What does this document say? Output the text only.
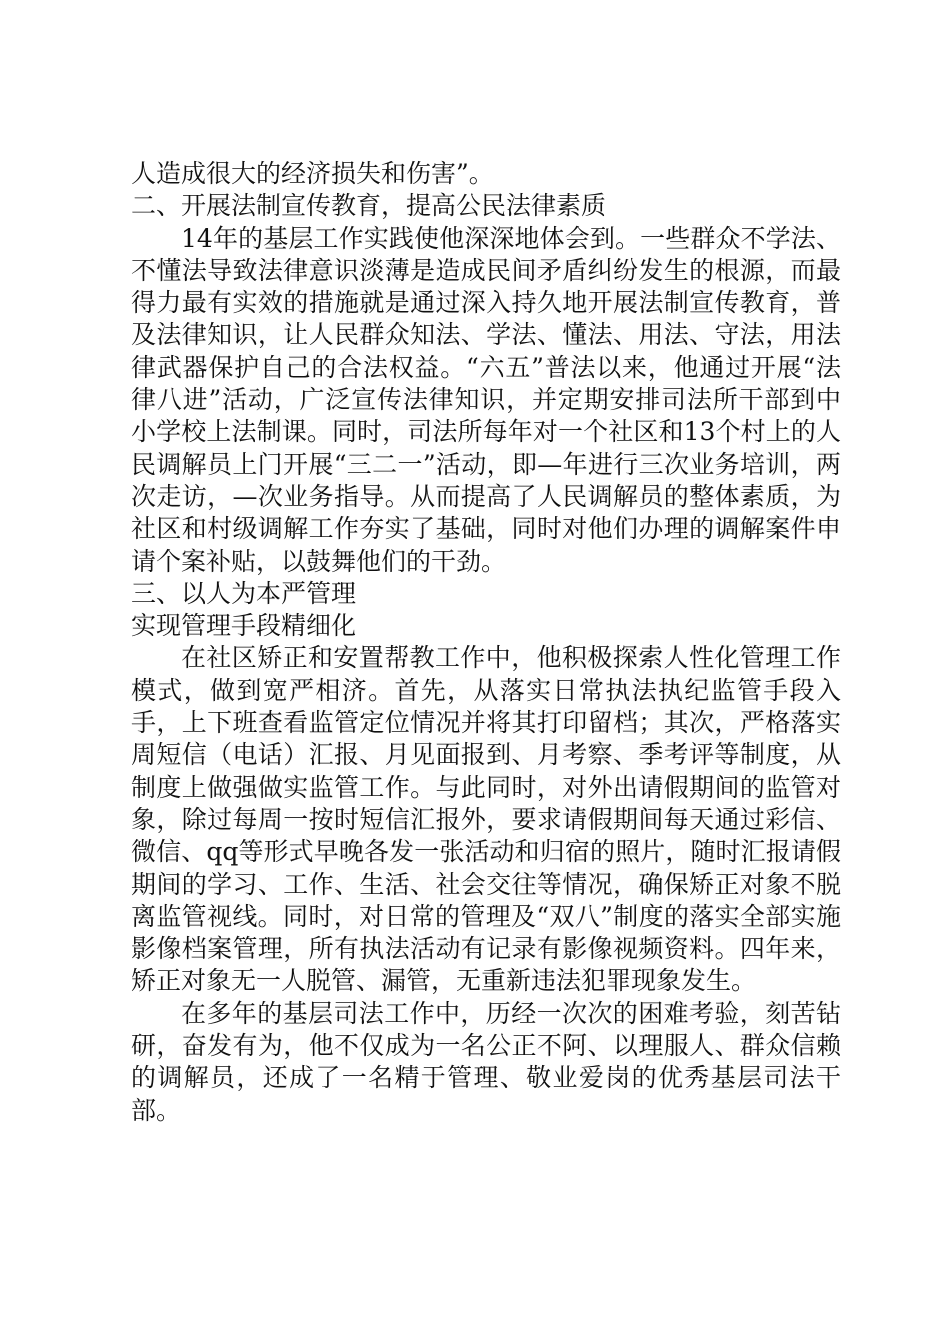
人造成很大的经济损失和伤害”。

二、开展法制宣传教育，提高公民法律素质

14年的基层工作实践使他深深地体会到。一些群众不学法、不懂法导致法律意识淡薄是造成民间矛盾纠纷发生的根源，而最得力最有实效的措施就是通过深入持久地开展法制宣传教育，普及法律知识，让人民群众知法、学法、懂法、用法、守法，用法律武器保护自己的合法权益。“六五”普法以来，他通过开展“法律八进”活动，广泛宣传法律知识，并定期安排司法所干部到中小学校上法制课。同时，司法所每年对一个社区和13个村上的人民调解员上门开展“三二一”活动，即—年进行三次业务培训，两次走访，—次业务指导。从而提高了人民调解员的整体素质，为社区和村级调解工作夯实了基础，同时对他们办理的调解案件申请个案补贴，以鼓舞他们的干劲。

三、以人为本严管理

实现管理手段精细化

在社区矫正和安置帮教工作中，他积极探索人性化管理工作模式，做到宽严相济。首先，从落实日常执法执纪监管手段入手，上下班查看监管定位情况并将其打印留档；其次，严格落实周短信（电话）汇报、月见面报到、月考察、季考评等制度，从制度上做强做实监管工作。与此同时，对外出请假期间的监管对象，除过每周一按时短信汇报外，要求请假期间每天通过彩信、微信、qq等形式早晚各发一张活动和归宿的照片，随时汇报请假期间的学习、工作、生活、社会交往等情况，确保矫正对象不脱离监管视线。同时，对日常的管理及“双八”制度的落实全部实施影像档案管理，所有执法活动有记录有影像视频资料。四年来，矫正对象无一人脱管、漏管，无重新违法犯罪现象发生。

在多年的基层司法工作中，历经一次次的困难考验，刻苦钻研，奋发有为，他不仅成为一名公正不阿、以理服人、群众信赖的调解员，还成了一名精于管理、敬业爱岗的优秀基层司法干部。
